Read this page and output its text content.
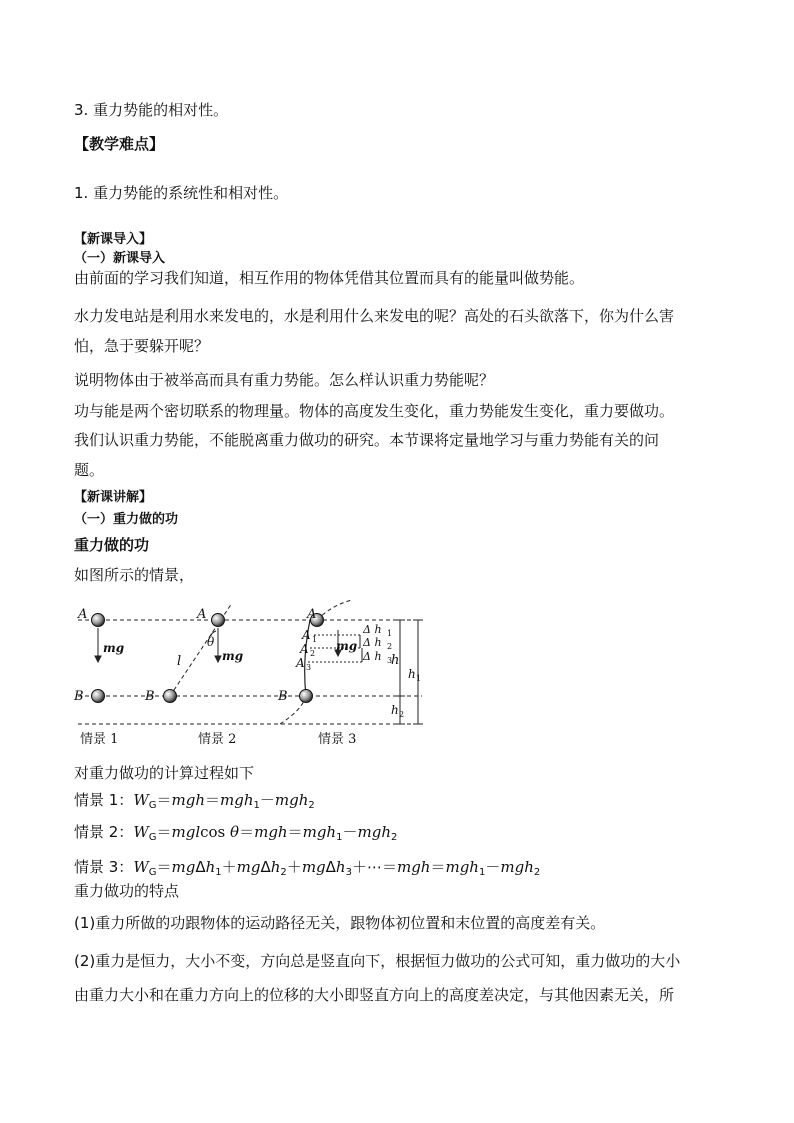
3. 重力势能的相对性。
【教学难点】
1. 重力势能的系统性和相对性。
【新课导入】
（一）新课导入
由前面的学习我们知道，相互作用的物体凭借其位置而具有的能量叫做势能。
水力发电站是利用水来发电的，水是利用什么来发电的呢？高处的石头欲落下，你为什么害
怕，急于要躲开呢？
说明物体由于被举高而具有重力势能。怎么样认识重力势能呢？
功与能是两个密切联系的物理量。物体的高度发生变化，重力势能发生变化，重力要做功。
我们认识重力势能，不能脱离重力做功的研究。本节课将定量地学习与重力势能有关的问
题。
【新课讲解】
（一）重力做的功
重力做的功
如图所示的情景，
A
B
mg
A
B
θ
mg
l
A
B
mg
A 1
A 2
A 3
Δ h 1
Δ h 2
Δ h 3
h
h 1
h 2
情景 1	情景 2	情景 3
对重力做功的计算过程如下
情景 1：$W_G=mgh=mgh_1-mgh_2$
情景 2：$W_G=mglcos$ θ＝mgh＝mgh$_1$－mgh$_2$
情景 3：$W_G=mg\Delta h_1+mg\Delta h_2+mg\Delta h_3+\cdots=mgh=mgh_1-mgh_2$
重力做功的特点
(1)重力所做的功跟物体的运动路径无关，跟物体初位置和末位置的高度差有关。
(2)重力是恒力，大小不变，方向总是竖直向下，根据恒力做功的公式可知，重力做功的大小
由重力大小和在重力方向上的位移的大小即竖直方向上的高度差决定，与其他因素无关，所
